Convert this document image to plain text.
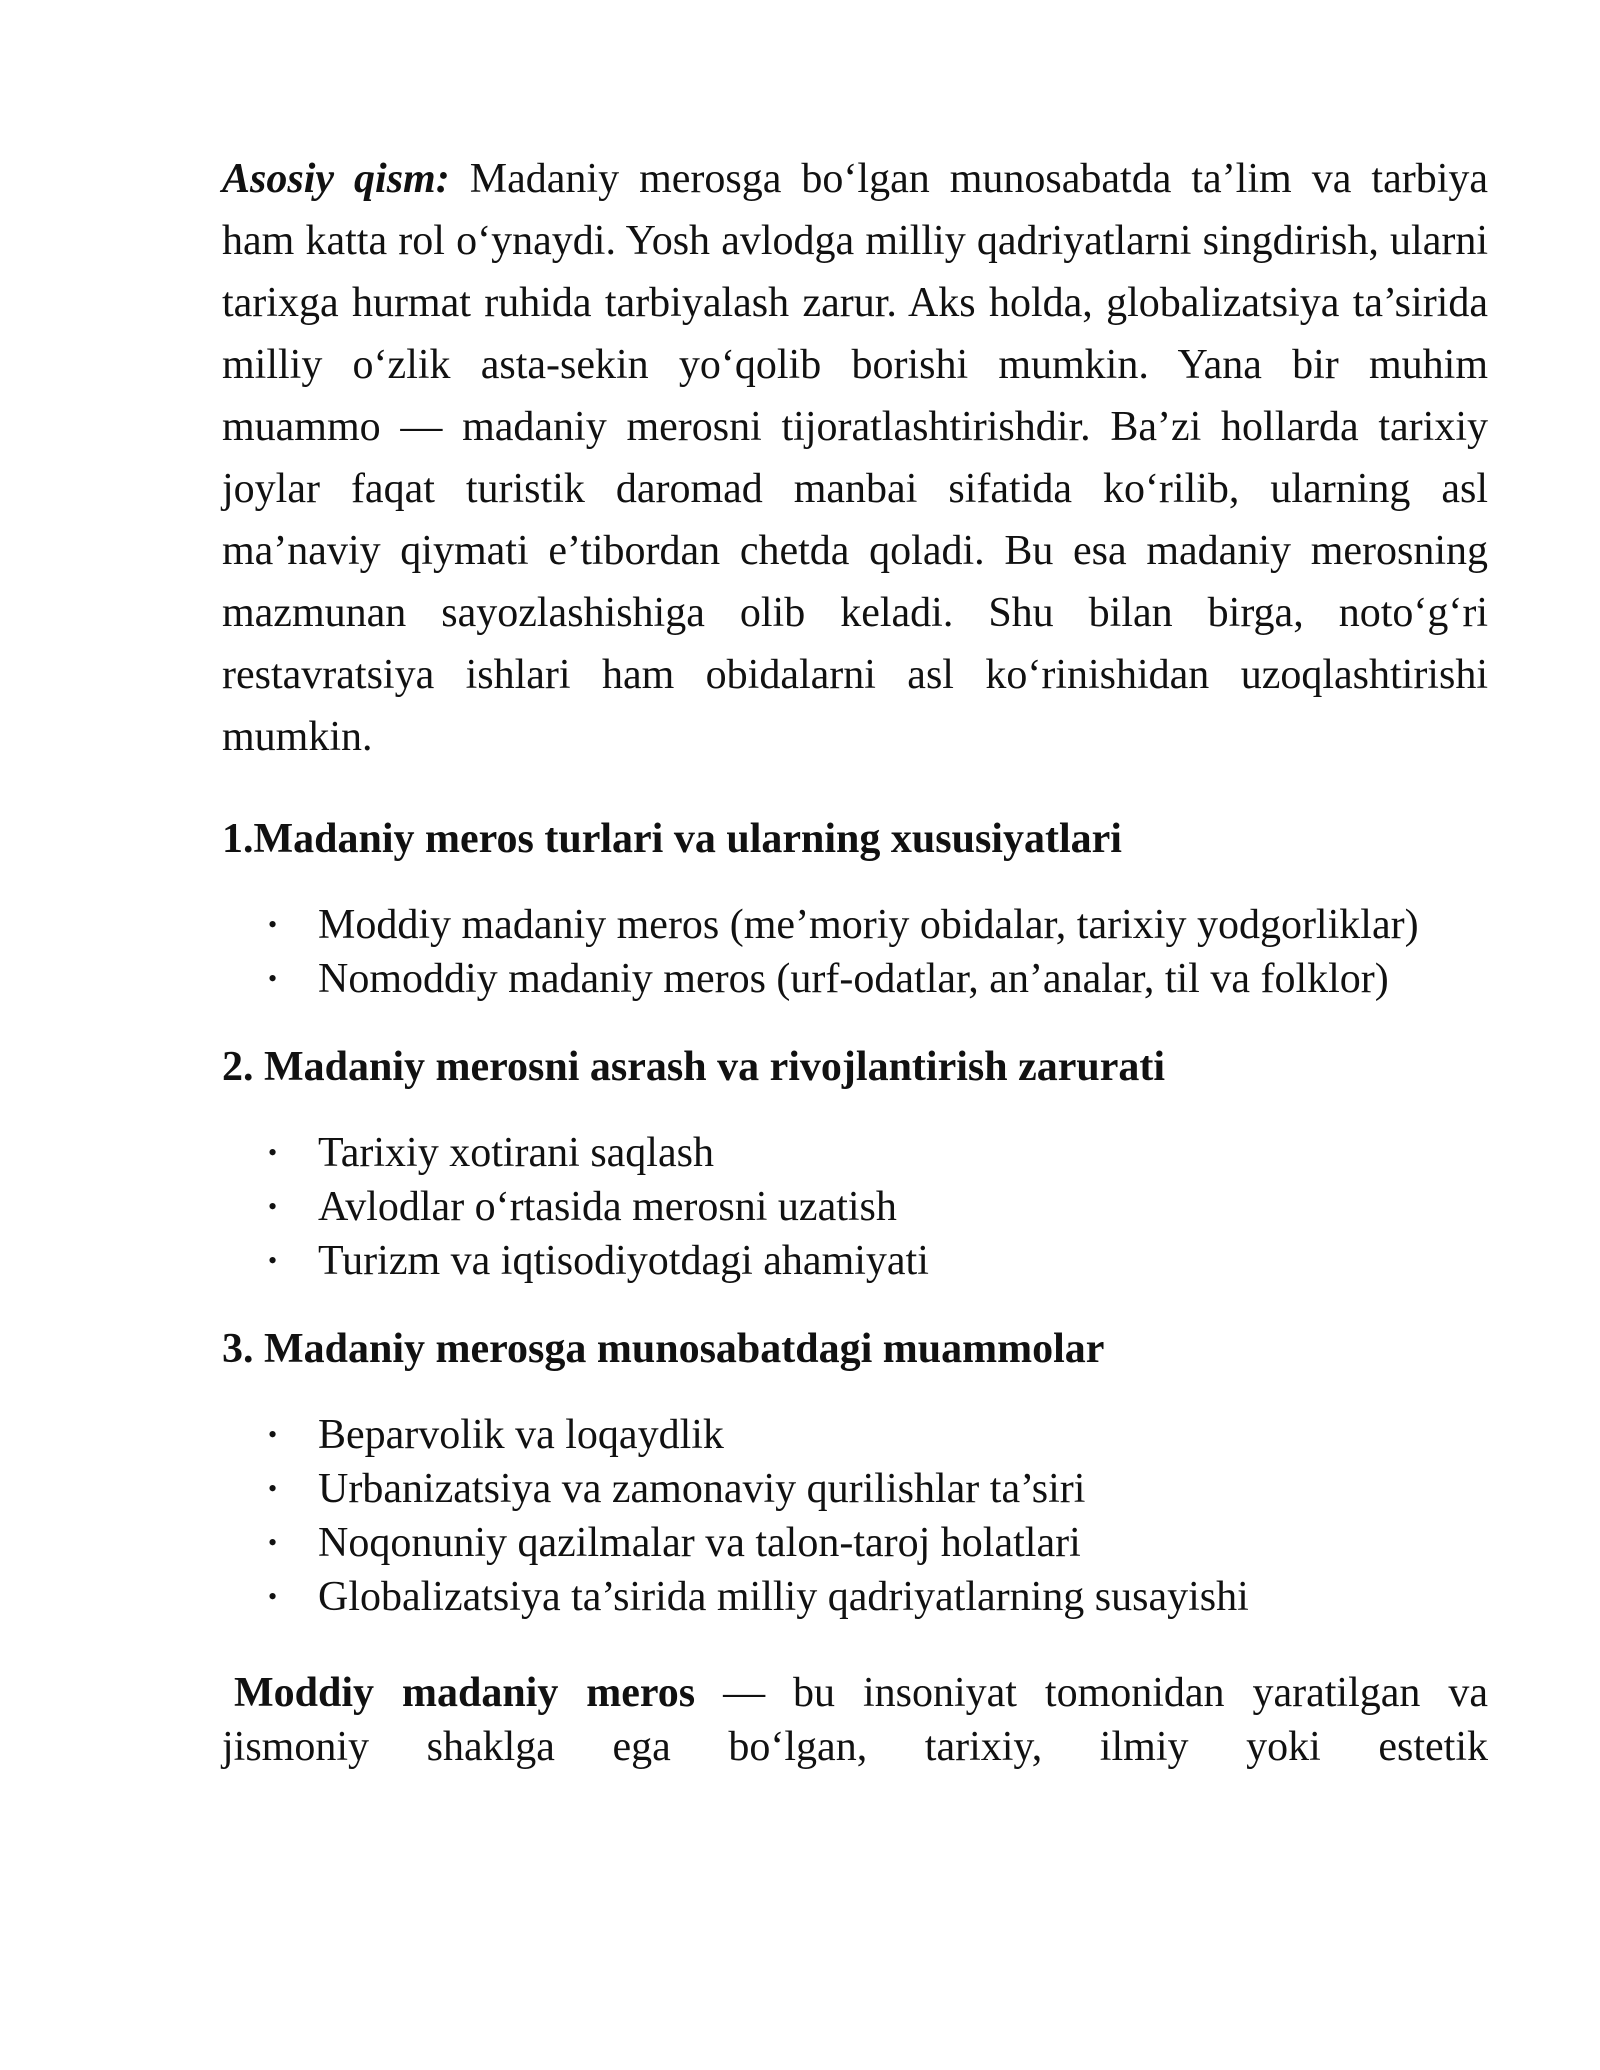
Asosiy qism: Madaniy merosga bo‘lgan munosabatda ta’lim va tarbiya ham katta rol o‘ynaydi. Yosh avlodga milliy qadriyatlarni singdirish, ularni tarixga hurmat ruhida tarbiyalash zarur. Aks holda, globalizatsiya ta’sirida milliy o‘zlik asta-sekin yo‘qolib borishi mumkin. Yana bir muhim muammo — madaniy merosni tijoratlashtirishdir. Ba’zi hollarda tarixiy joylar faqat turistik daromad manbai sifatida ko‘rilib, ularning asl ma’naviy qiymati e’tibordan chetda qoladi. Bu esa madaniy merosning mazmunan sayozlashishiga olib keladi. Shu bilan birga, noto‘g‘ri restavratsiya ishlari ham obidalarni asl ko‘rinishidan uzoqlashtirishi mumkin.

1.Madaniy meros turlari va ularning xususiyatlari
• Moddiy madaniy meros (me’moriy obidalar, tarixiy yodgorliklar)
• Nomoddiy madaniy meros (urf-odatlar, an’analar, til va folklor)
2. Madaniy merosni asrash va rivojlantirish zarurati
• Tarixiy xotirani saqlash
• Avlodlar o‘rtasida merosni uzatish
• Turizm va iqtisodiyotdagi ahamiyati
3. Madaniy merosga munosabatdagi muammolar
• Beparvolik va loqaydlik
• Urbanizatsiya va zamonaviy qurilishlar ta’siri
• Noqonuniy qazilmalar va talon-taroj holatlari
• Globalizatsiya ta’sirida milliy qadriyatlarning susayishi

Moddiy madaniy meros — bu insoniyat tomonidan yaratilgan va jismoniy shaklga ega bo‘lgan, tarixiy, ilmiy yoki estetik
